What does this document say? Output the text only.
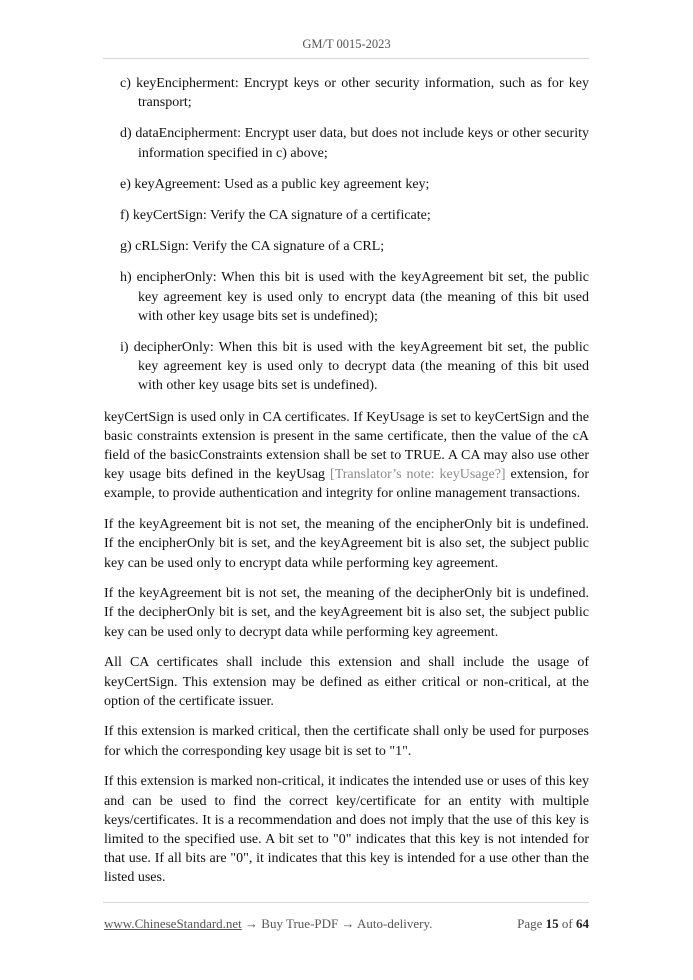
GM/T 0015-2023

c) keyEncipherment: Encrypt keys or other security information, such as for key transport;

d) dataEncipherment: Encrypt user data, but does not include keys or other security information specified in c) above;

e) keyAgreement: Used as a public key agreement key;

f) keyCertSign: Verify the CA signature of a certificate;

g) cRLSign: Verify the CA signature of a CRL;

h) encipherOnly: When this bit is used with the keyAgreement bit set, the public key agreement key is used only to encrypt data (the meaning of this bit used with other key usage bits set is undefined);

i) decipherOnly: When this bit is used with the keyAgreement bit set, the public key agreement key is used only to decrypt data (the meaning of this bit used with other key usage bits set is undefined).

keyCertSign is used only in CA certificates. If KeyUsage is set to keyCertSign and the basic constraints extension is present in the same certificate, then the value of the cA field of the basicConstraints extension shall be set to TRUE. A CA may also use other key usage bits defined in the keyUsag [Translator’s note: keyUsage?] extension, for example, to provide authentication and integrity for online management transactions.

If the keyAgreement bit is not set, the meaning of the encipherOnly bit is undefined. If the encipherOnly bit is set, and the keyAgreement bit is also set, the subject public key can be used only to encrypt data while performing key agreement.

If the keyAgreement bit is not set, the meaning of the decipherOnly bit is undefined. If the decipherOnly bit is set, and the keyAgreement bit is also set, the subject public key can be used only to decrypt data while performing key agreement.

All CA certificates shall include this extension and shall include the usage of keyCertSign. This extension may be defined as either critical or non-critical, at the option of the certificate issuer.

If this extension is marked critical, then the certificate shall only be used for purposes for which the corresponding key usage bit is set to "1".

If this extension is marked non-critical, it indicates the intended use or uses of this key and can be used to find the correct key/certificate for an entity with multiple keys/certificates. It is a recommendation and does not imply that the use of this key is limited to the specified use. A bit set to "0" indicates that this key is not intended for that use. If all bits are "0", it indicates that this key is intended for a use other than the listed uses.

www.ChineseStandard.net → Buy True-PDF → Auto-delivery.	Page 15 of 64
